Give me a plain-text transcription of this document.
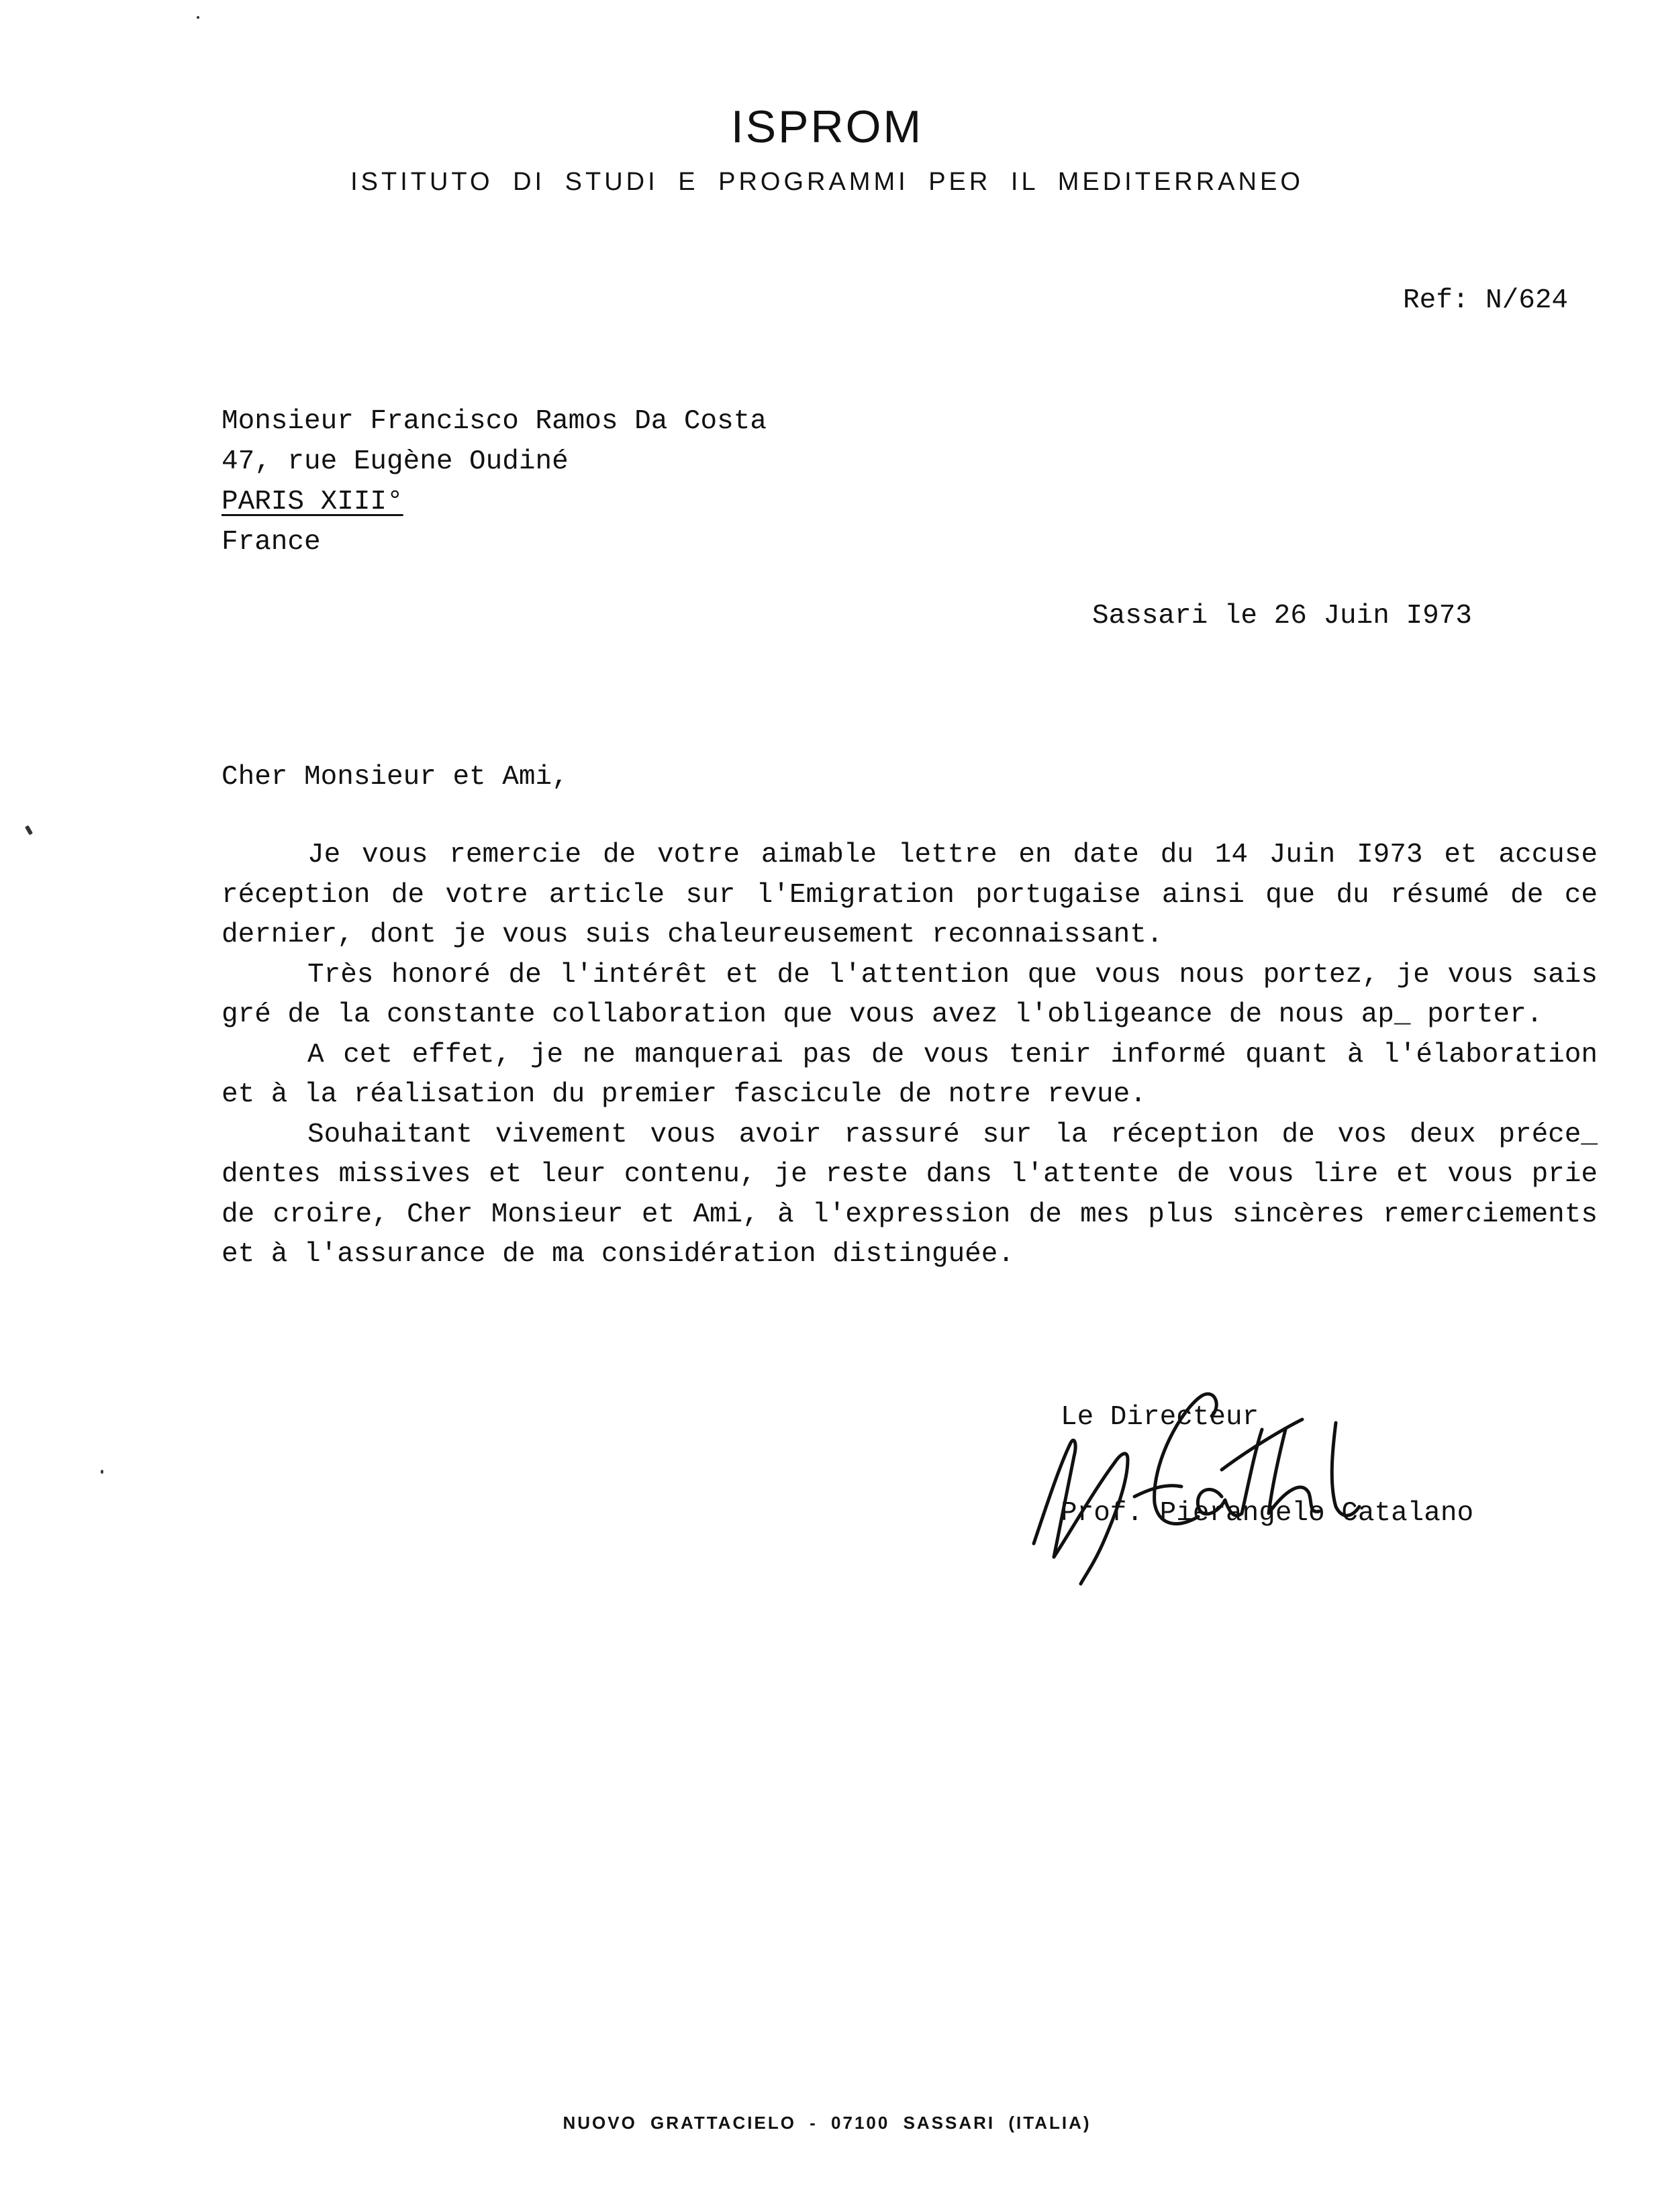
ISPROM
ISTITUTO DI STUDI E PROGRAMMI PER IL MEDITERRANEO
Ref: N/624
Monsieur Francisco Ramos Da Costa
47, rue Eugène Oudiné
PARIS XIII°
France
Sassari le 26 Juin I973
Cher Monsieur et Ami,

Je vous remercie de votre aimable lettre en date du 14 Juin I973 et accuse réception de votre article sur l'Emigration portugaise ainsi que du résumé de ce dernier, dont je vous suis chaleureusement reconnaissant.

Très honoré de l'intérêt et de l'attention que vous nous portez, je vous sais gré de la constante collaboration que vous avez l'obligeance de nous ap_ porter.

A cet effet, je ne manquerai pas de vous tenir informé quant à l'élaboration et à la réalisation du premier fascicule de notre revue.

Souhaitant vivement vous avoir rassuré sur la réception de vos deux préce_ dentes missives et leur contenu, je reste dans l'attente de vous lire et vous prie de croire, Cher Monsieur et Ami, à l'expression de mes plus sincères remerciements et à l'assurance de ma considération distinguée.

Le Directeur
Prof. Pierangelo Catalano
NUOVO GRATTACIELO - 07100 SASSARI (ITALIA)
